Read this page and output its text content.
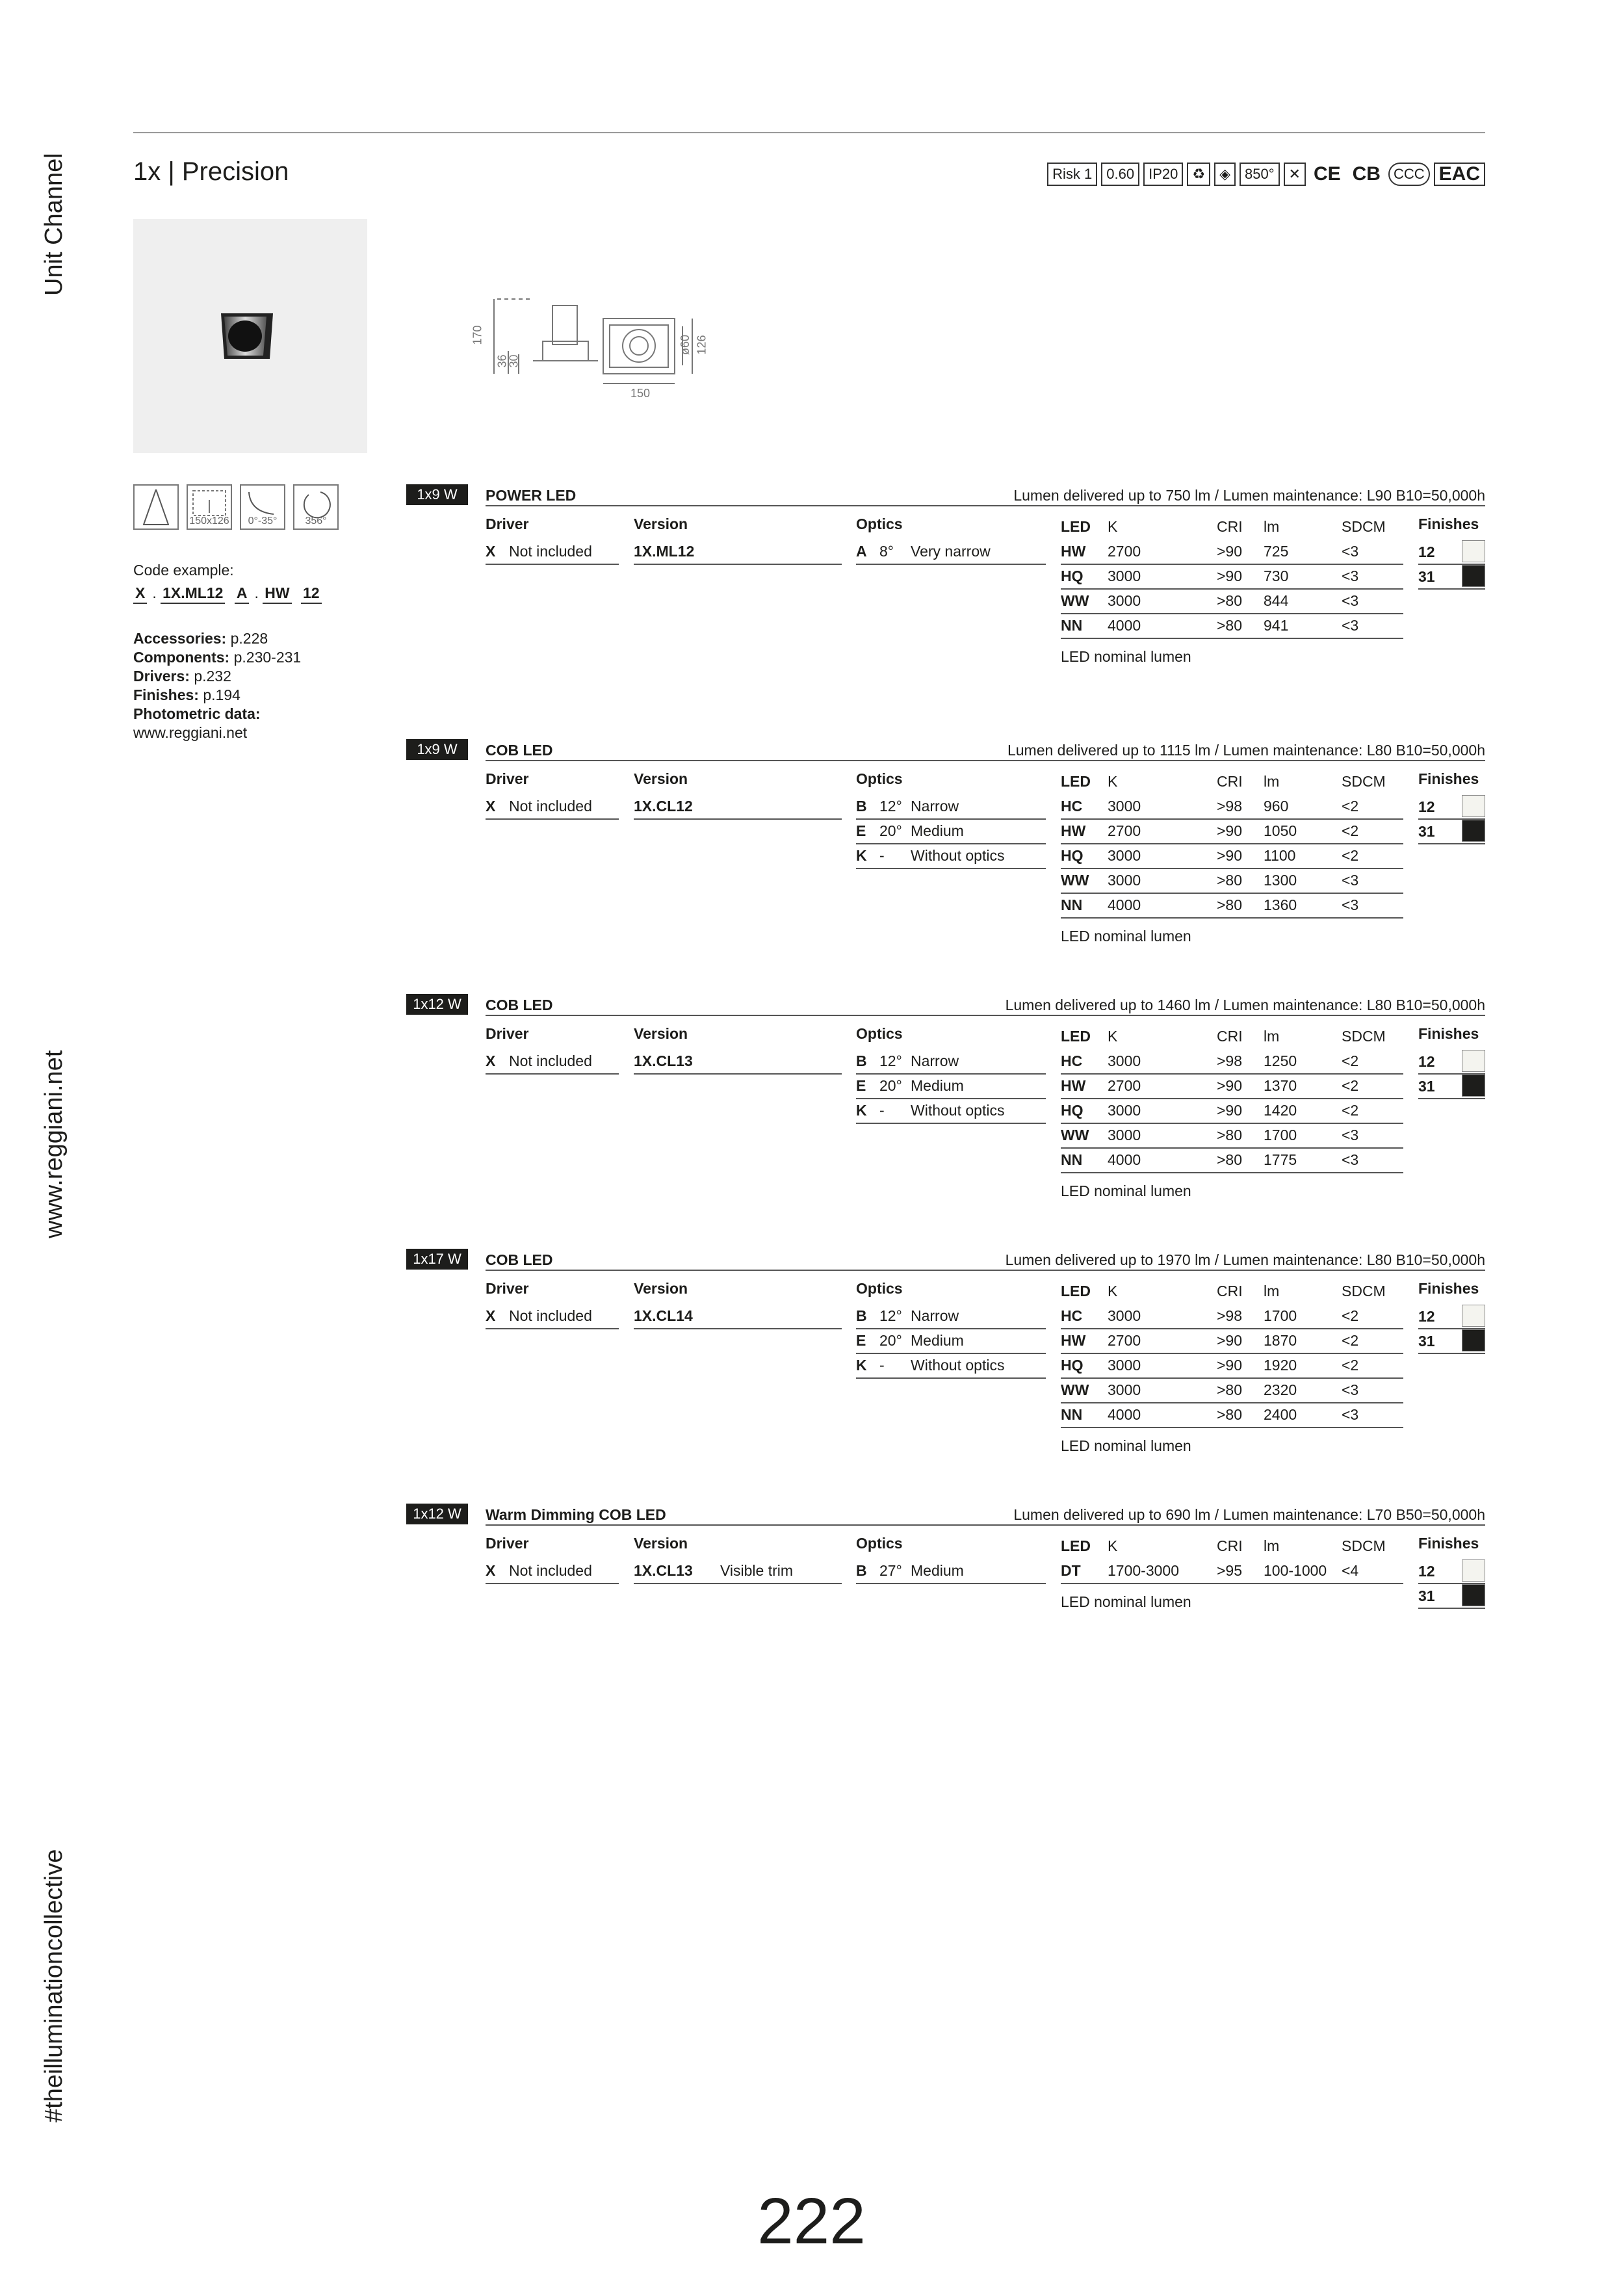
Unit Channel
www.reggiani.net
#theilluminationcollective
1x | Precision	Risk 1	0.60	IP20	♻	◈	850°	✕ CE CB CCC EAC
170
36
30
ø60 126
150
150x126	0°-35°	356°
Code example:
X . 1X.ML12 A . HW 12
Accessories: p.228
Components: p.230-231
Drivers: p.232
Finishes: p.194
Photometric data:
www.reggiani.net
1x9 W	POWER LED	Lumen delivered up to 750 lm / Lumen maintenance: L90 B10=50,000h
Driver
X Not included
Version
1X.ML12
Optics
A 8° Very narrow
LED K	CRI lm	SDCM
HW 2700	>90 725	<3
HQ 3000	>90 730	<3
WW 3000	>80 844	<3
NN 4000	>80 941	<3
LED nominal lumen
Finishes
12
31
1x9 W	COB LED	Lumen delivered up to 1115 lm / Lumen maintenance: L80 B10=50,000h
Driver
X Not included
Version
1X.CL12
Optics
B 12° Narrow
E 20° Medium
K - Without optics
LED K	CRI lm	SDCM
HC 3000	>98 960	<2
HW 2700	>90 1050	<2
HQ 3000	>90 1100	<2
WW 3000	>80 1300	<3
NN 4000	>80 1360	<3
LED nominal lumen
Finishes
12
31
1x12 W	COB LED	Lumen delivered up to 1460 lm / Lumen maintenance: L80 B10=50,000h
Driver
X Not included
Version
1X.CL13
Optics
B 12° Narrow
E 20° Medium
K - Without optics
LED K	CRI lm	SDCM
HC 3000	>98 1250	<2
HW 2700	>90 1370	<2
HQ 3000	>90 1420	<2
WW 3000	>80 1700	<3
NN 4000	>80 1775	<3
LED nominal lumen
Finishes
12
31
1x17 W	COB LED	Lumen delivered up to 1970 lm / Lumen maintenance: L80 B10=50,000h
Driver
X Not included
Version
1X.CL14
Optics
B 12° Narrow
E 20° Medium
K - Without optics
LED K	CRI lm	SDCM
HC 3000	>98 1700	<2
HW 2700	>90 1870	<2
HQ 3000	>90 1920	<2
WW 3000	>80 2320	<3
NN 4000	>80 2400	<3
LED nominal lumen
Finishes
12
31
1x12 W	Warm Dimming COB LED	Lumen delivered up to 690 lm / Lumen maintenance: L70 B50=50,000h
Driver
X Not included
Version
1X.CL13 Visible trim
Optics
B 27° Medium
LED K	CRI lm	SDCM
DT 1700-3000	>95 100-1000 <4
LED nominal lumen
Finishes
12
31
222
